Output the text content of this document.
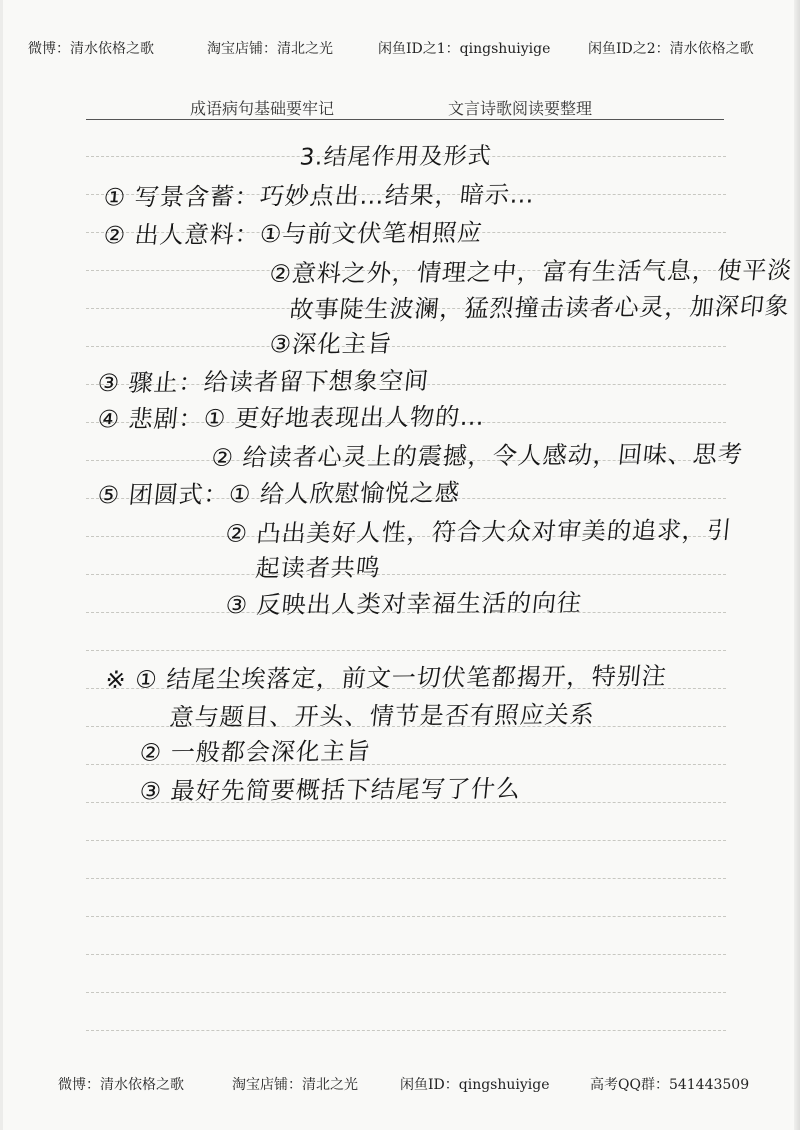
微博：清水依格之歌	淘宝店铺：清北之光	闲鱼ID之1：qingshuiyige	闲鱼ID之2：清水依格之歌
成语病句基础要牢记	文言诗歌阅读要整理
3.结尾作用及形式
① 写景含蓄：巧妙点出…结果，暗示…
② 出人意料：①与前文伏笔相照应
②意料之外，情理之中，富有生活气息，使平淡
故事陡生波澜，猛烈撞击读者心灵，加深印象
③深化主旨
③ 骤止：给读者留下想象空间
④ 悲剧：① 更好地表现出人物的…
② 给读者心灵上的震撼，令人感动，回味、思考
⑤ 团圆式：① 给人欣慰愉悦之感
② 凸出美好人性，符合大众对审美的追求，引
起读者共鸣
③ 反映出人类对幸福生活的向往
※ ① 结尾尘埃落定，前文一切伏笔都揭开，特别注
意与题目、开头、情节是否有照应关系
② 一般都会深化主旨
③ 最好先简要概括下结尾写了什么
微博：清水依格之歌	淘宝店铺：清北之光	闲鱼ID：qingshuiyige	高考QQ群：541443509
